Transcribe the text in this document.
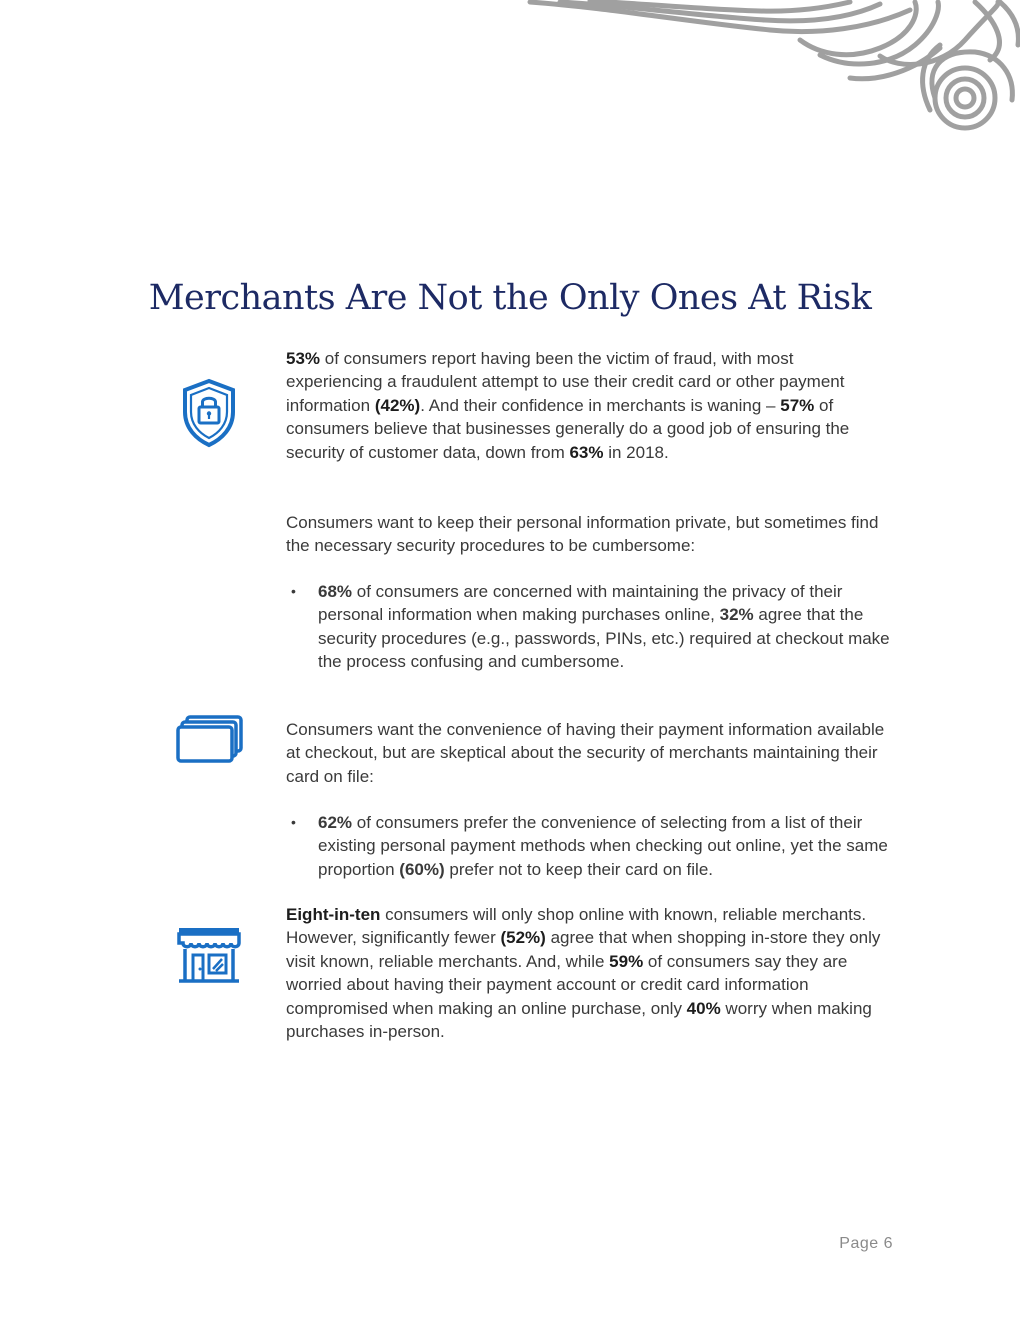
Merchants Are Not the Only Ones At Risk

53% of consumers report having been the victim of fraud, with most experiencing a fraudulent attempt to use their credit card or other payment information (42%). And their confidence in merchants is waning – 57% of consumers believe that businesses generally do a good job of ensuring the security of customer data, down from 63% in 2018.

Consumers want to keep their personal information private, but sometimes find the necessary security procedures to be cumbersome:

• 68% of consumers are concerned with maintaining the privacy of their personal information when making purchases online, 32% agree that the security procedures (e.g., passwords, PINs, etc.) required at checkout make the process confusing and cumbersome.

Consumers want the convenience of having their payment information available at checkout, but are skeptical about the security of merchants maintaining their card on file:

• 62% of consumers prefer the convenience of selecting from a list of their existing personal payment methods when checking out online, yet the same proportion (60%) prefer not to keep their card on file.

Eight-in-ten consumers will only shop online with known, reliable merchants. However, significantly fewer (52%) agree that when shopping in-store they only visit known, reliable merchants. And, while 59% of consumers say they are worried about having their payment account or credit card information compromised when making an online purchase, only 40% worry when making purchases in-person.

Page 6
